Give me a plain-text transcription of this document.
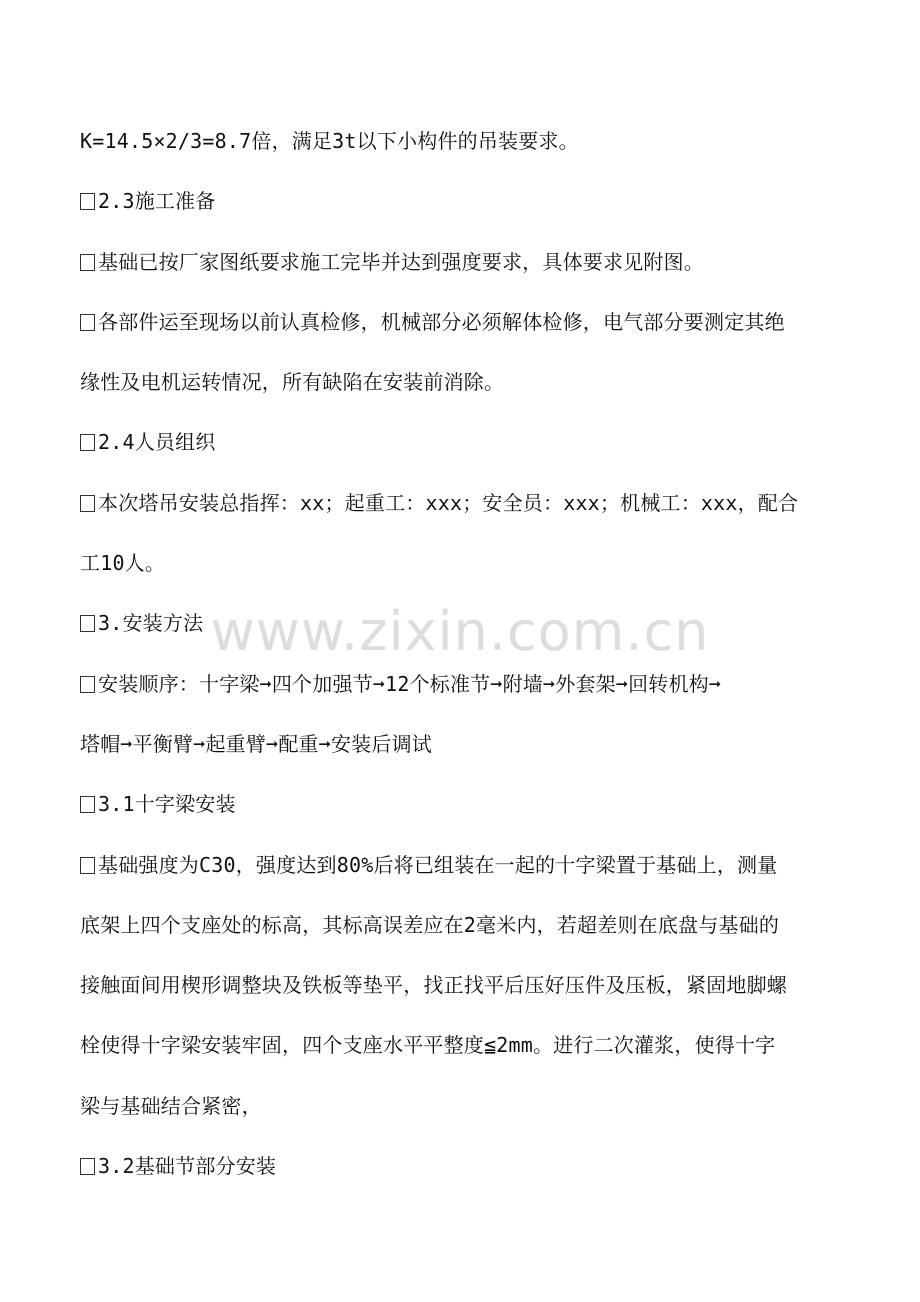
K=14.5×2/3=8.7倍，满足3t以下小构件的吊装要求。
2.3施工准备
基础已按厂家图纸要求施工完毕并达到强度要求，具体要求见附图。
各部件运至现场以前认真检修，机械部分必须解体检修，电气部分要测定其绝
缘性及电机运转情况，所有缺陷在安装前消除。
2.4人员组织
本次塔吊安装总指挥：xx；起重工：xxx；安全员：xxx；机械工：xxx，配合
工10人。
3.安装方法
安装顺序：十字梁➞四个加强节➞12个标准节➞附墙➞外套架➞回转机构➞
塔帽➞平衡臂➞起重臂➞配重➞安装后调试
3.1十字梁安装
基础强度为C30，强度达到80%后将已组装在一起的十字梁置于基础上，测量
底架上四个支座处的标高，其标高误差应在2毫米内，若超差则在底盘与基础的
接触面间用楔形调整块及铁板等垫平，找正找平后压好压件及压板，紧固地脚螺
栓使得十字梁安装牢固，四个支座水平平整度≦2mm。进行二次灌浆，使得十字
梁与基础结合紧密，
3.2基础节部分安装
www.zixin.com.cn
